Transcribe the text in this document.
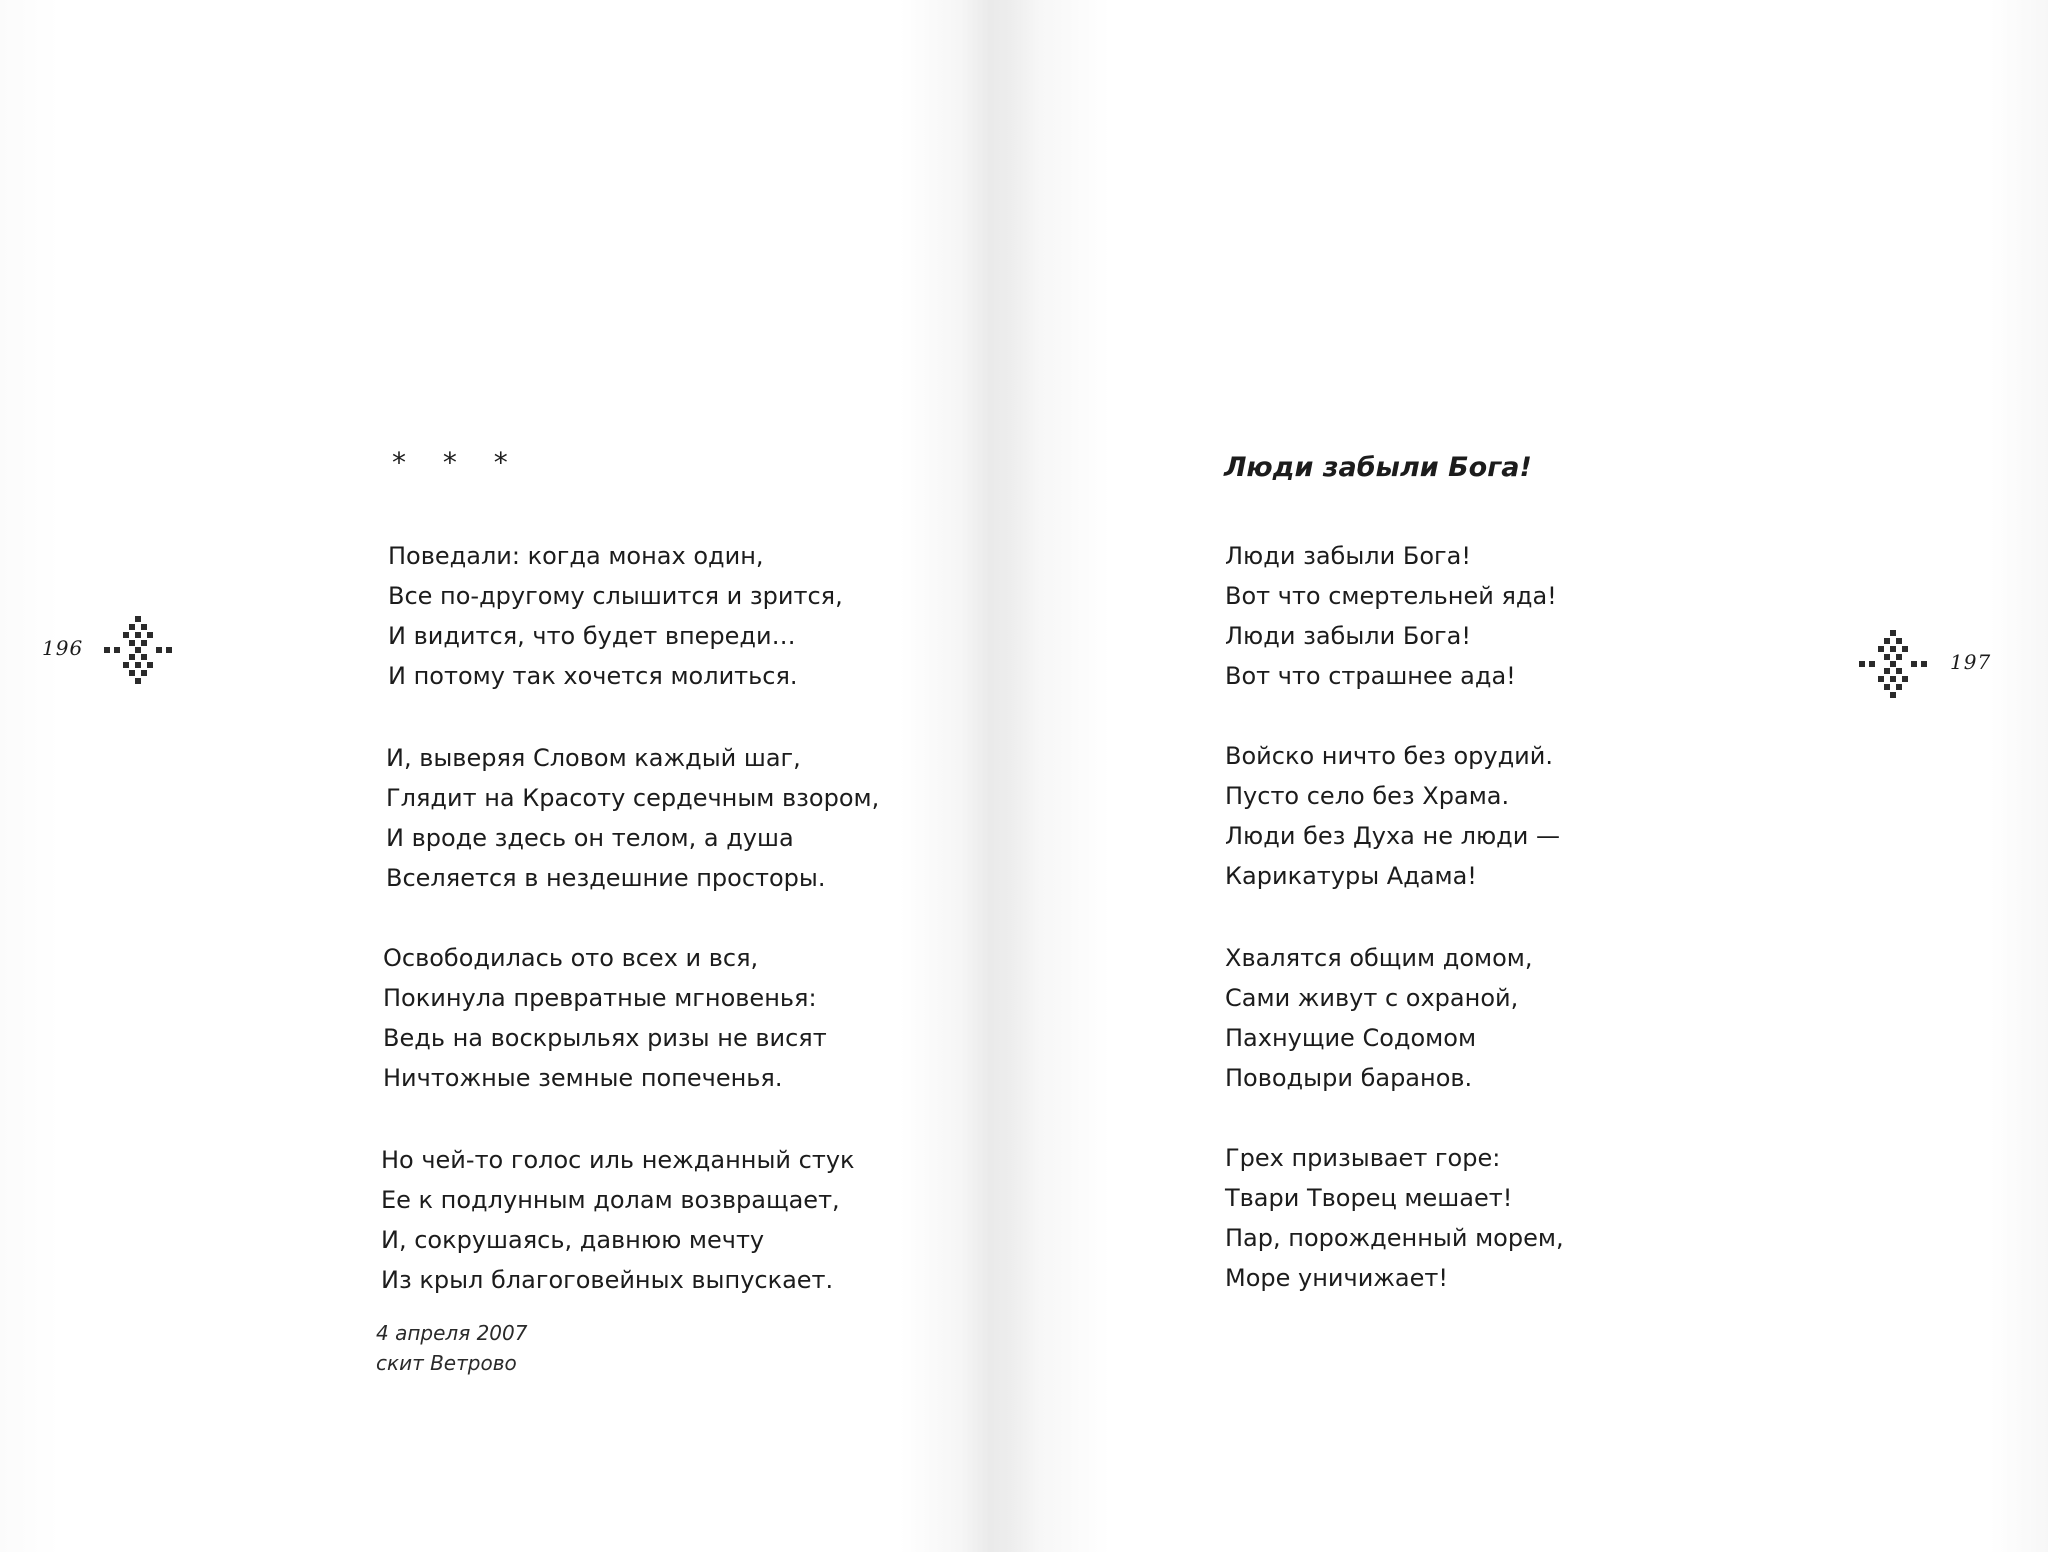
196
* * *
Поведали: когда монах один,
Все по-другому слышится и зрится,
И видится, что будет впереди…
И потому так хочется молиться.
И, выверяя Словом каждый шаг,
Глядит на Красоту сердечным взором,
И вроде здесь он телом, а душа
Вселяется в нездешние просторы.
Освободилась ото всех и вся,
Покинула превратные мгновенья:
Ведь на воскрыльях ризы не висят
Ничтожные земные попеченья.
Но чей-то голос иль нежданный стук
Ее к подлунным долам возвращает,
И, сокрушаясь, давнюю мечту
Из крыл благоговейных выпускает.
4 апреля 2007
скит Ветрово
197
Люди забыли Бога!
Люди забыли Бога!
Вот что смертельней яда!
Люди забыли Бога!
Вот что страшнее ада!
Войско ничто без орудий.
Пусто село без Храма.
Люди без Духа не люди —
Карикатуры Адама!
Хвалятся общим домом,
Сами живут с охраной,
Пахнущие Содомом
Поводыри баранов.
Грех призывает горе:
Твари Творец мешает!
Пар, порожденный морем,
Море уничижает!
